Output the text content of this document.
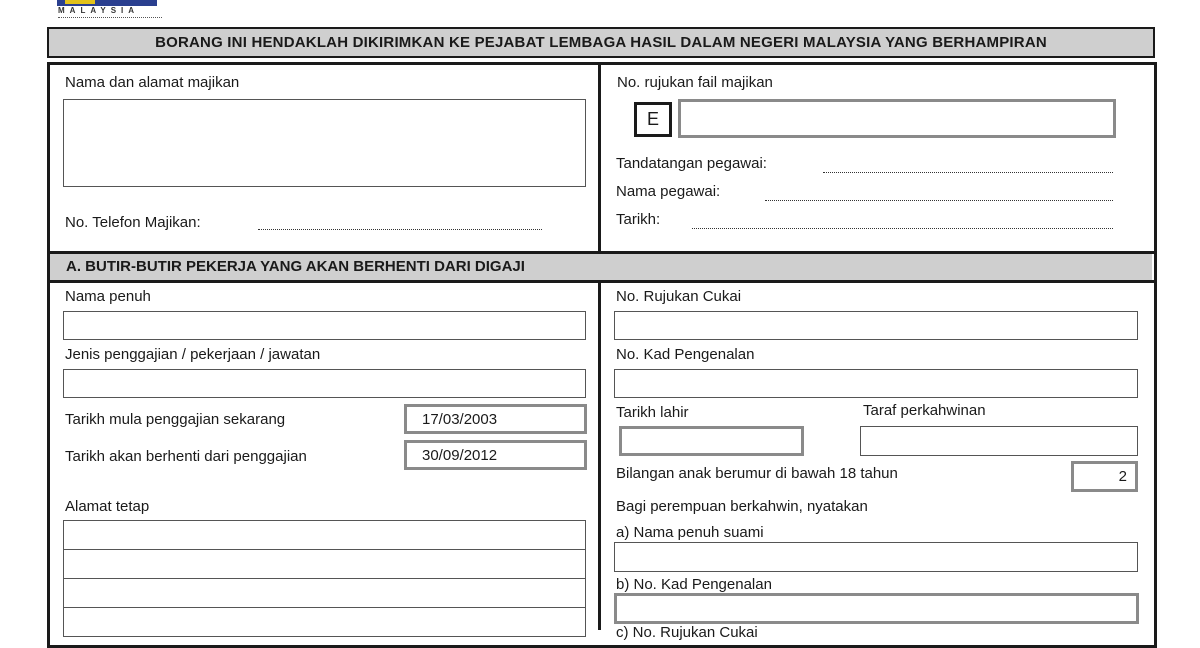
MALAYSIA
BORANG INI HENDAKLAH DIKIRIMKAN KE PEJABAT LEMBAGA HASIL DALAM NEGERI MALAYSIA YANG BERHAMPIRAN
A. BUTIR-BUTIR PEKERJA YANG AKAN BERHENTI DARI DIGAJI
Nama dan alamat majikan
No. Telefon Majikan:
No. rujukan fail majikan
E
Tandatangan pegawai:
Nama pegawai:
Tarikh:
Nama penuh
Jenis penggajian / pekerjaan / jawatan
Tarikh mula penggajian sekarang	17/03/2003
Tarikh akan berhenti dari penggajian	30/09/2012
Alamat tetap
No. Rujukan Cukai
No. Kad Pengenalan
Tarikh lahir	Taraf perkahwinan
Bilangan anak berumur di bawah 18 tahun	2
Bagi perempuan berkahwin, nyatakan
a) Nama penuh suami
b) No. Kad Pengenalan
c) No. Rujukan Cukai
